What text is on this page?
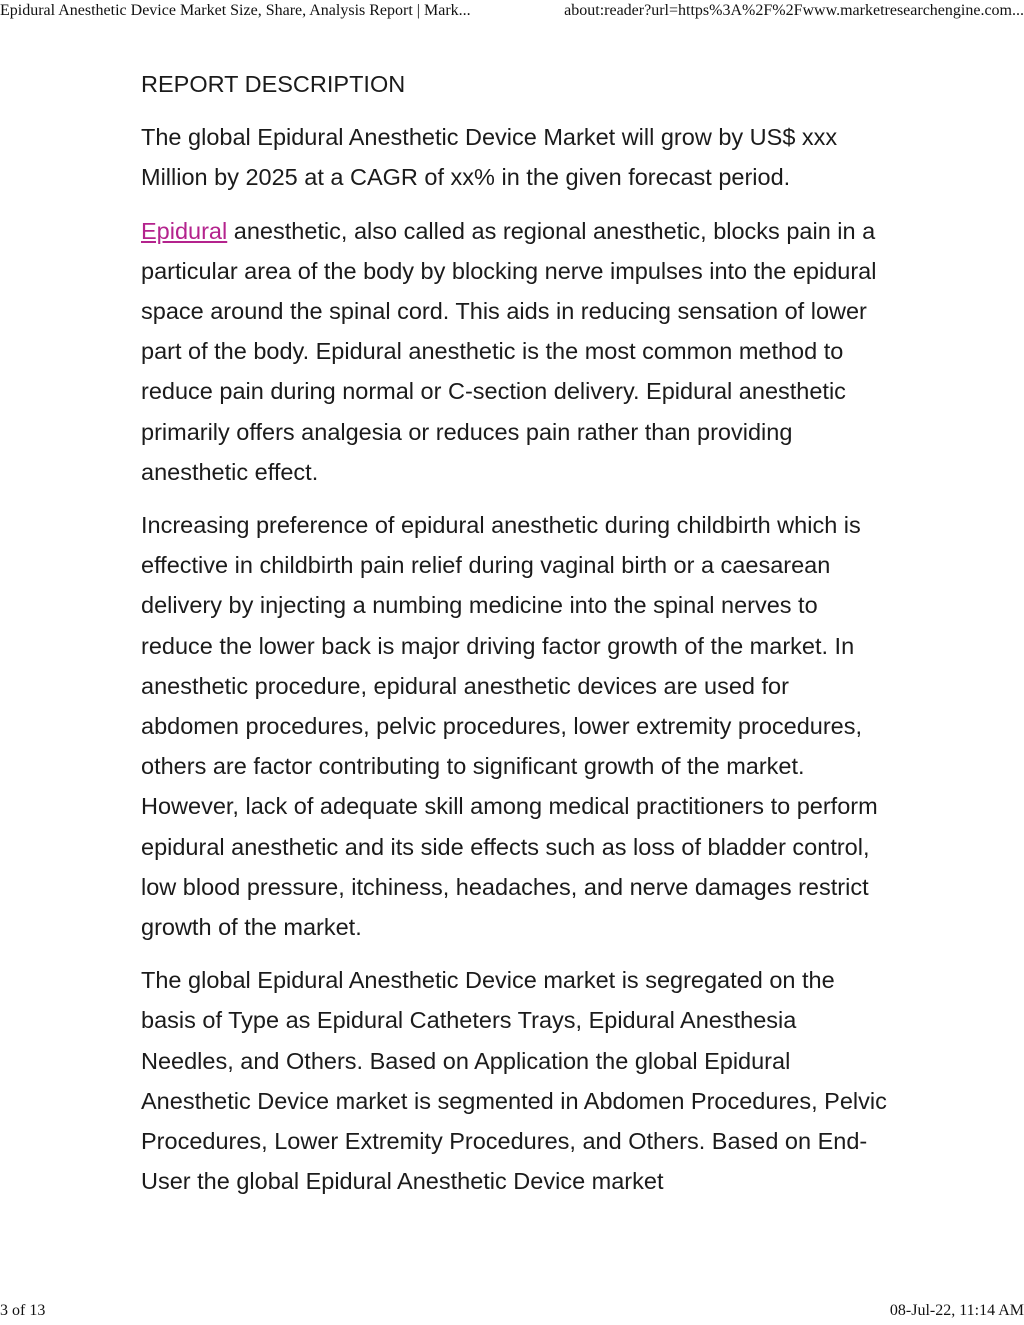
Epidural Anesthetic Device Market Size, Share, Analysis Report | Mark...	about:reader?url=https%3A%2F%2Fwww.marketresearchengine.com...
REPORT DESCRIPTION

The global Epidural Anesthetic Device Market will grow by US$ xxx Million by 2025 at a CAGR of xx% in the given forecast period.

Epidural anesthetic, also called as regional anesthetic, blocks pain in a particular area of the body by blocking nerve impulses into the epidural space around the spinal cord. This aids in reducing sensation of lower part of the body. Epidural anesthetic is the most common method to reduce pain during normal or C-section delivery. Epidural anesthetic primarily offers analgesia or reduces pain rather than providing anesthetic effect.

Increasing preference of epidural anesthetic during childbirth which is effective in childbirth pain relief during vaginal birth or a caesarean delivery by injecting a numbing medicine into the spinal nerves to reduce the lower back is major driving factor growth of the market. In anesthetic procedure, epidural anesthetic devices are used for abdomen procedures, pelvic procedures, lower extremity procedures, others are factor contributing to significant growth of the market. However, lack of adequate skill among medical practitioners to perform epidural anesthetic and its side effects such as loss of bladder control, low blood pressure, itchiness, headaches, and nerve damages restrict growth of the market.

The global Epidural Anesthetic Device market is segregated on the basis of Type as Epidural Catheters Trays, Epidural Anesthesia Needles, and Others. Based on Application the global Epidural Anesthetic Device market is segmented in Abdomen Procedures, Pelvic Procedures, Lower Extremity Procedures, and Others. Based on End-User the global Epidural Anesthetic Device market

3 of 13	08-Jul-22, 11:14 AM
